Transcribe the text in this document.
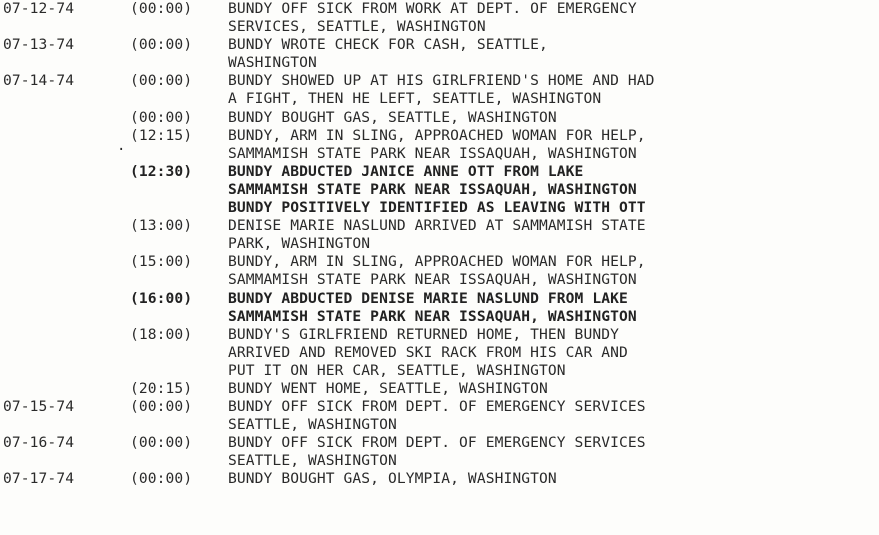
07-12-74	(00:00)	BUNDY OFF SICK FROM WORK AT DEPT. OF EMERGENCY
SERVICES, SEATTLE, WASHINGTON
07-13-74	(00:00)	BUNDY WROTE CHECK FOR CASH, SEATTLE,
WASHINGTON
07-14-74	(00:00)	BUNDY SHOWED UP AT HIS GIRLFRIEND'S HOME AND HAD
A FIGHT, THEN HE LEFT, SEATTLE, WASHINGTON
(00:00)	BUNDY BOUGHT GAS, SEATTLE, WASHINGTON
(12:15)	BUNDY, ARM IN SLING, APPROACHED WOMAN FOR HELP,
SAMMAMISH STATE PARK NEAR ISSAQUAH, WASHINGTON
(12:30)	BUNDY ABDUCTED JANICE ANNE OTT FROM LAKE
SAMMAMISH STATE PARK NEAR ISSAQUAH, WASHINGTON
BUNDY POSITIVELY IDENTIFIED AS LEAVING WITH OTT
(13:00)	DENISE MARIE NASLUND ARRIVED AT SAMMAMISH STATE
PARK, WASHINGTON
(15:00)	BUNDY, ARM IN SLING, APPROACHED WOMAN FOR HELP,
SAMMAMISH STATE PARK NEAR ISSAQUAH, WASHINGTON
(16:00)	BUNDY ABDUCTED DENISE MARIE NASLUND FROM LAKE
SAMMAMISH STATE PARK NEAR ISSAQUAH, WASHINGTON
(18:00)	BUNDY'S GIRLFRIEND RETURNED HOME, THEN BUNDY
ARRIVED AND REMOVED SKI RACK FROM HIS CAR AND
PUT IT ON HER CAR, SEATTLE, WASHINGTON
(20:15)	BUNDY WENT HOME, SEATTLE, WASHINGTON
07-15-74	(00:00)	BUNDY OFF SICK FROM DEPT. OF EMERGENCY SERVICES
SEATTLE, WASHINGTON
07-16-74	(00:00)	BUNDY OFF SICK FROM DEPT. OF EMERGENCY SERVICES
SEATTLE, WASHINGTON
07-17-74	(00:00)	BUNDY BOUGHT GAS, OLYMPIA, WASHINGTON
.
